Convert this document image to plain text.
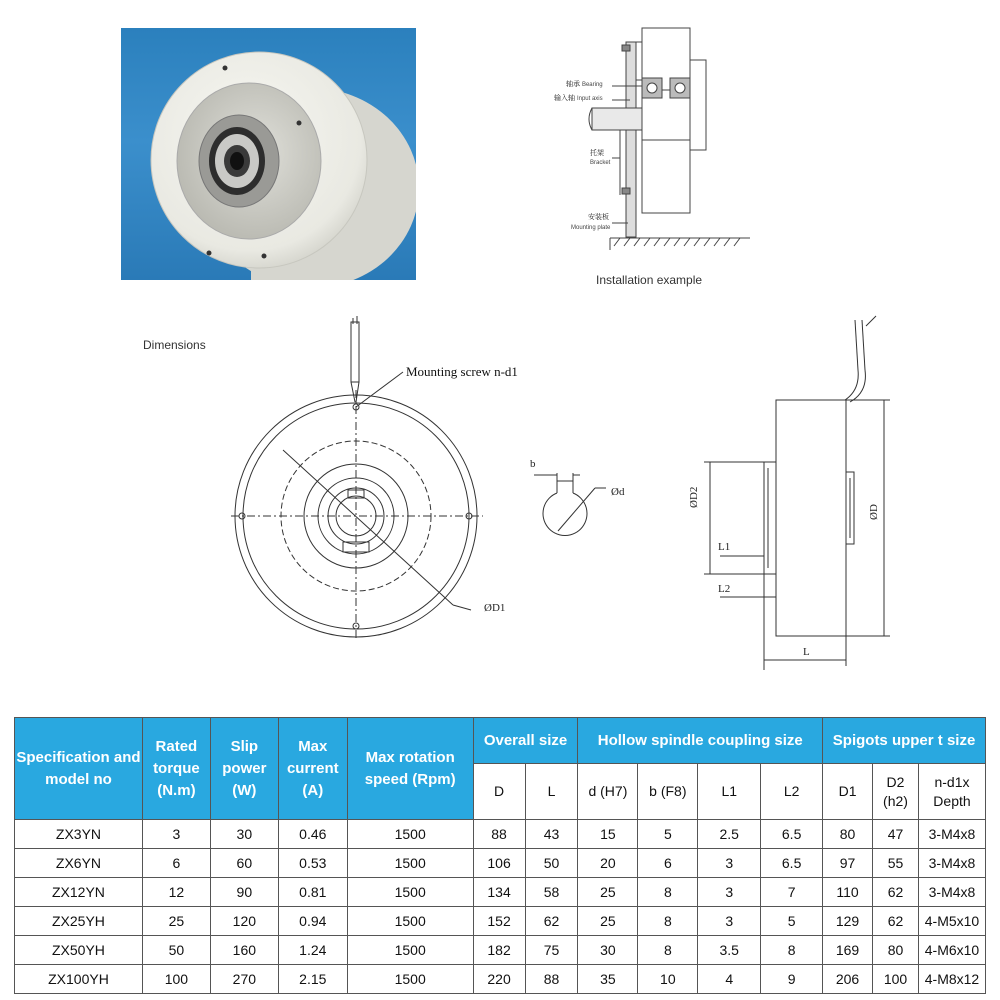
轴承 Bearing
输入轴 Input axis
托架
Bracket
安装板
Mounting plate
Installation example
Dimensions
Mounting screw n-d1
ØD1
b
Ød	ØD2
L1
L2
L
ØD
Specification and model no	Rated torque (N.m)	Slip power (W)	Max current (A)	Max rotation speed (Rpm)	Overall size		Hollow spindle coupling size				Spigots upper t size		
					D	L	d (H7)	b (F8)	L1	L2	D1	D2 (h2)	n-d1x Depth
ZX3YN	3	30	0.46	1500	88	43	15	5	2.5	6.5	80	47	3-M4x8
ZX6YN	6	60	0.53	1500	106	50	20	6	3	6.5	97	55	3-M4x8
ZX12YN	12	90	0.81	1500	134	58	25	8	3	7	110	62	3-M4x8
ZX25YH	25	120	0.94	1500	152	62	25	8	3	5	129	62	4-M5x10
ZX50YH	50	160	1.24	1500	182	75	30	8	3.5	8	169	80	4-M6x10
ZX100YH	100	270	2.15	1500	220	88	35	10	4	9	206	100	4-M8x12
